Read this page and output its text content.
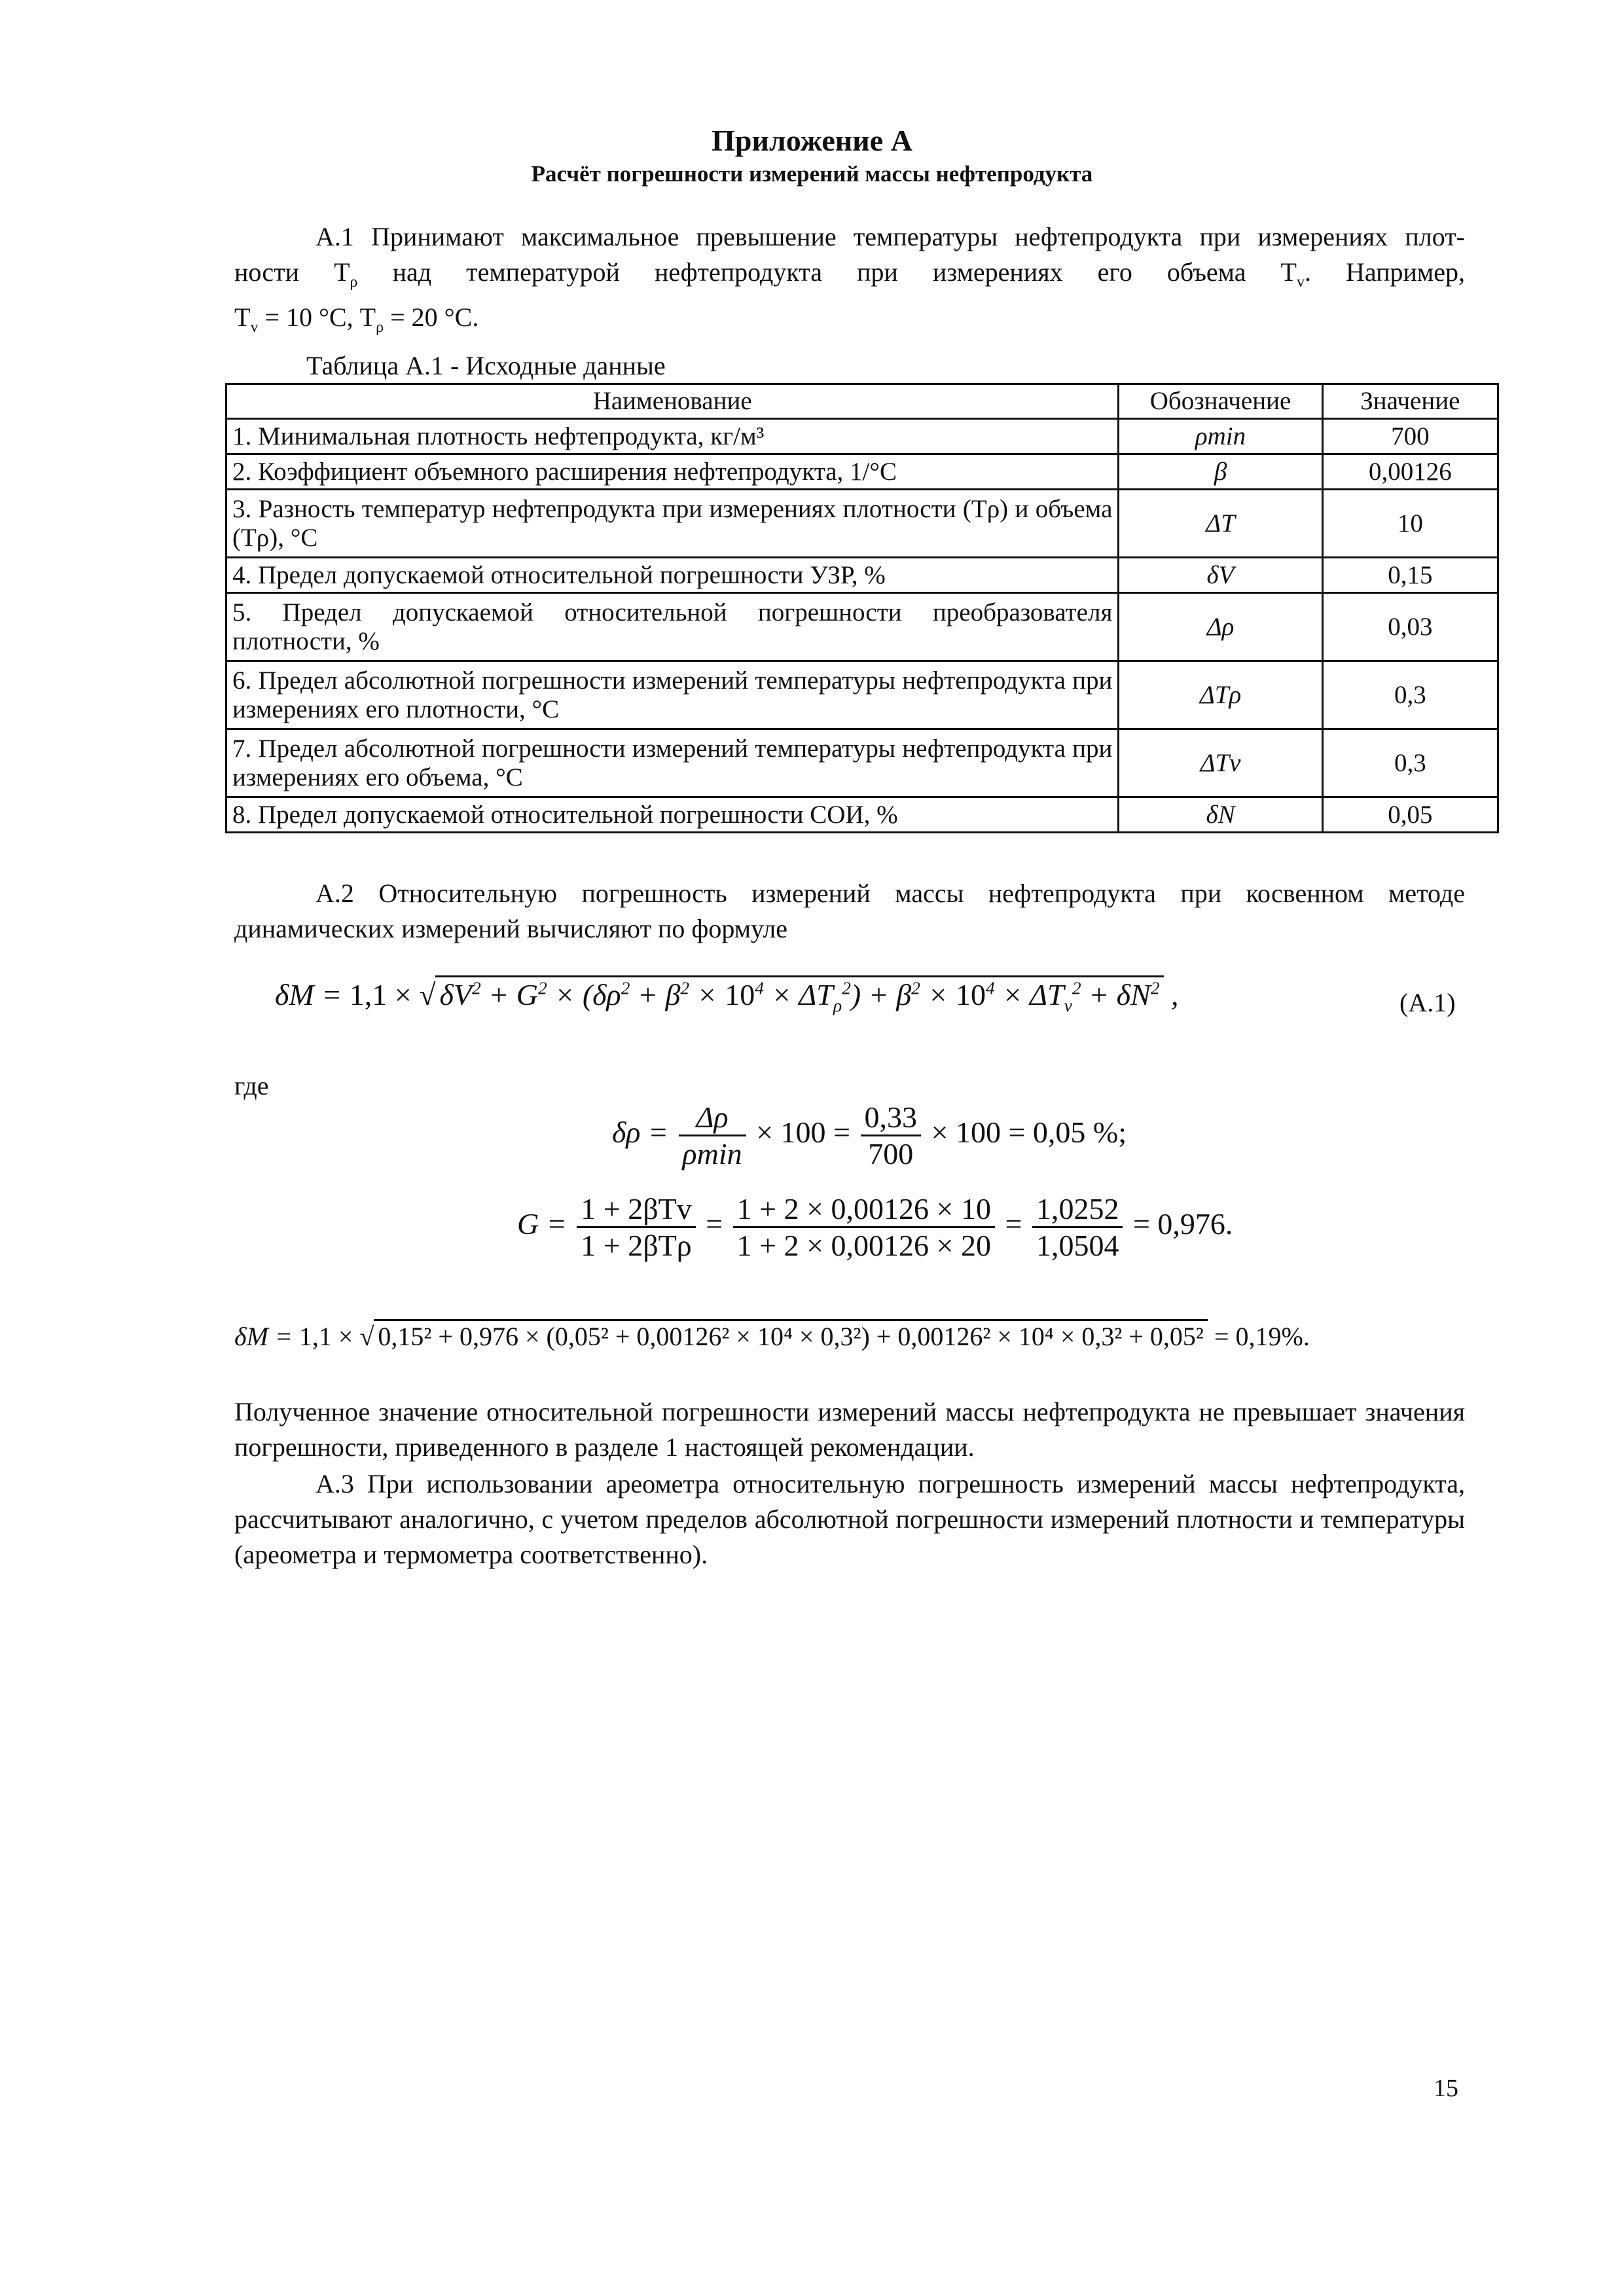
Приложение А
Расчёт погрешности измерений массы нефтепродукта
А.1 Принимают максимальное превышение температуры нефтепродукта при измерениях плот-
ности $T_\rho$ над температурой нефтепродукта при измерениях его объема $T_v$. Например,
$T_v = 10$ °С, $T_\rho = 20$ °С.
Таблица А.1 - Исходные данные
Наименование	Обозначение	Значение
1. Минимальная плотность нефтепродукта, кг/м³	ρmin	700
2. Коэффициент объемного расширения нефтепродукта, 1/°С	β	0,00126
3. Разность температур нефтепродукта при измерениях плотности (Tρ) и объема (Tρ), °С	ΔT	10
4. Предел допускаемой относительной погрешности УЗР, %	δV	0,15
5. Предел допускаемой относительной погрешности преобразователя плотности, %	Δρ	0,03
6. Предел абсолютной погрешности измерений температуры нефтепродукта при измерениях его плотности, °С	ΔTρ	0,3
7. Предел абсолютной погрешности измерений температуры нефтепродукта при измерениях его объема, °С	ΔTv	0,3
8. Предел допускаемой относительной погрешности СОИ, %	δN	0,05
А.2 Относительную погрешность измерений массы нефтепродукта при косвенном методе динамических измерений вычисляют по формуле
δM = 1,1 × √ $\delta V^2 + G^2 \times (\delta\rho^2 + \beta^2 \times 10^4 \times \Delta T_\rho^2) + \beta^2 \times 10^4 \times \Delta T_v^2 + \delta N^2$ ,	(А.1)
где
$\delta\rho = \frac{\Delta\rho}{\rho\min} \times 100 = \frac{0,33}{700} \times 100 = 0,05$ %;
$G = \frac{\text{1 + 2βTv}}{\text{1 + 2βTρ}} = \frac{1 + 2 \times 0,00126 \times 10}{1 + 2 \times 0,00126 \times 20} = \frac{1,0252}{1,0504} = 0,976$.
δM = 1,1 × √ 0,15² + 0,976 × (0,05² + 0,00126² × 10⁴ × 0,3²) + 0,00126² × 10⁴ × 0,3² + 0,05² = 0,19%.
Полученное значение относительной погрешности измерений массы нефтепродукта не превышает значения погрешности, приведенного в разделе 1 настоящей рекомендации.
А.3 При использовании ареометра относительную погрешность измерений массы нефтепродукта, рассчитывают аналогично, с учетом пределов абсолютной погрешности измерений плотности и температуры (ареометра и термометра соответственно).
15
